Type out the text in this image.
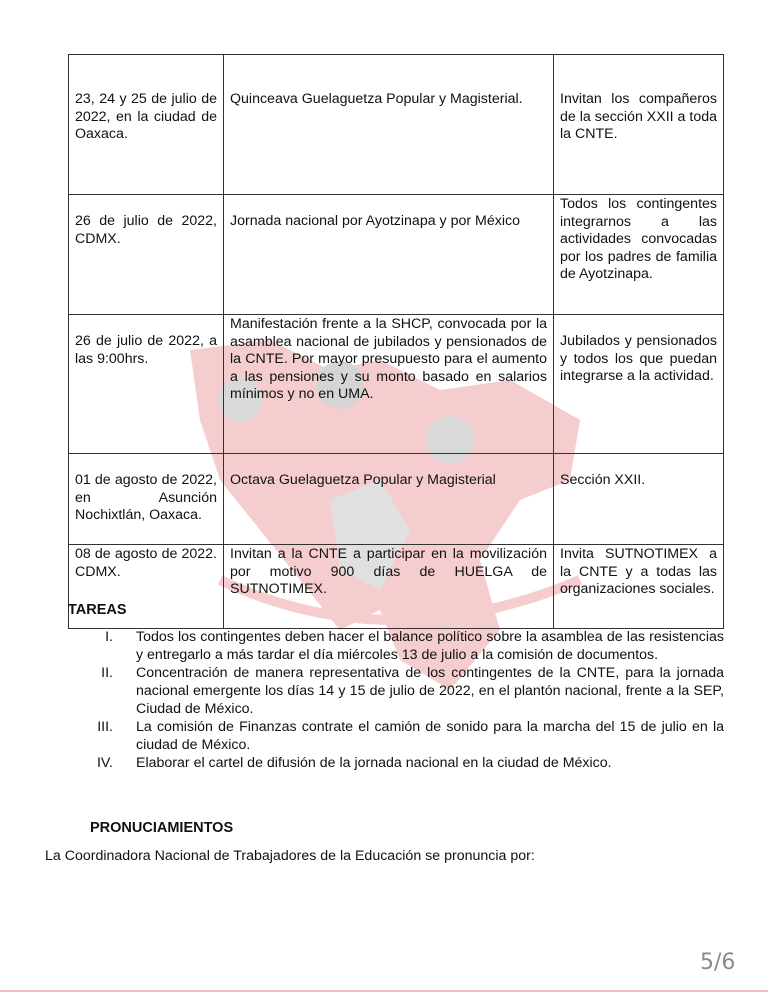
23, 24 y 25 de julio de 2022, en la ciudad de Oaxaca.	Quinceava Guelaguetza Popular y Magisterial.	Invitan los compañeros de la sección XXII a toda la CNTE.
26 de julio de 2022, CDMX.	Jornada nacional por Ayotzinapa y por México	Todos los contingentes integrarnos a las actividades convocadas por los padres de familia de Ayotzinapa.
26 de julio de 2022, a las 9:00hrs.	Manifestación frente a la SHCP, convocada por la asamblea nacional de jubilados y pensionados de la CNTE. Por mayor presupuesto para el aumento a las pensiones y su monto basado en salarios mínimos y no en UMA.	Jubilados y pensionados y todos los que puedan integrarse a la actividad.
01 de agosto de 2022, en Asunción Nochixtlán, Oaxaca.	Octava Guelaguetza Popular y Magisterial	Sección XXII.
08 de agosto de 2022. CDMX.	Invitan a la CNTE a participar en la movilización por motivo 900 días de HUELGA de SUTNOTIMEX.	Invita SUTNOTIMEX a la CNTE y a todas las organizaciones sociales.
TAREAS
I. Todos los contingentes deben hacer el balance político sobre la asamblea de las resistencias y entregarlo a más tardar el día miércoles 13 de julio a la comisión de documentos.
II. Concentración de manera representativa de los contingentes de la CNTE, para la jornada nacional emergente los días 14 y 15 de julio de 2022, en el plantón nacional, frente a la SEP, Ciudad de México.
III. La comisión de Finanzas contrate el camión de sonido para la marcha del 15 de julio en la ciudad de México.
IV. Elaborar el cartel de difusión de la jornada nacional en la ciudad de México.
PRONUCIAMIENTOS
La Coordinadora Nacional de Trabajadores de la Educación se pronuncia por:
5/6
